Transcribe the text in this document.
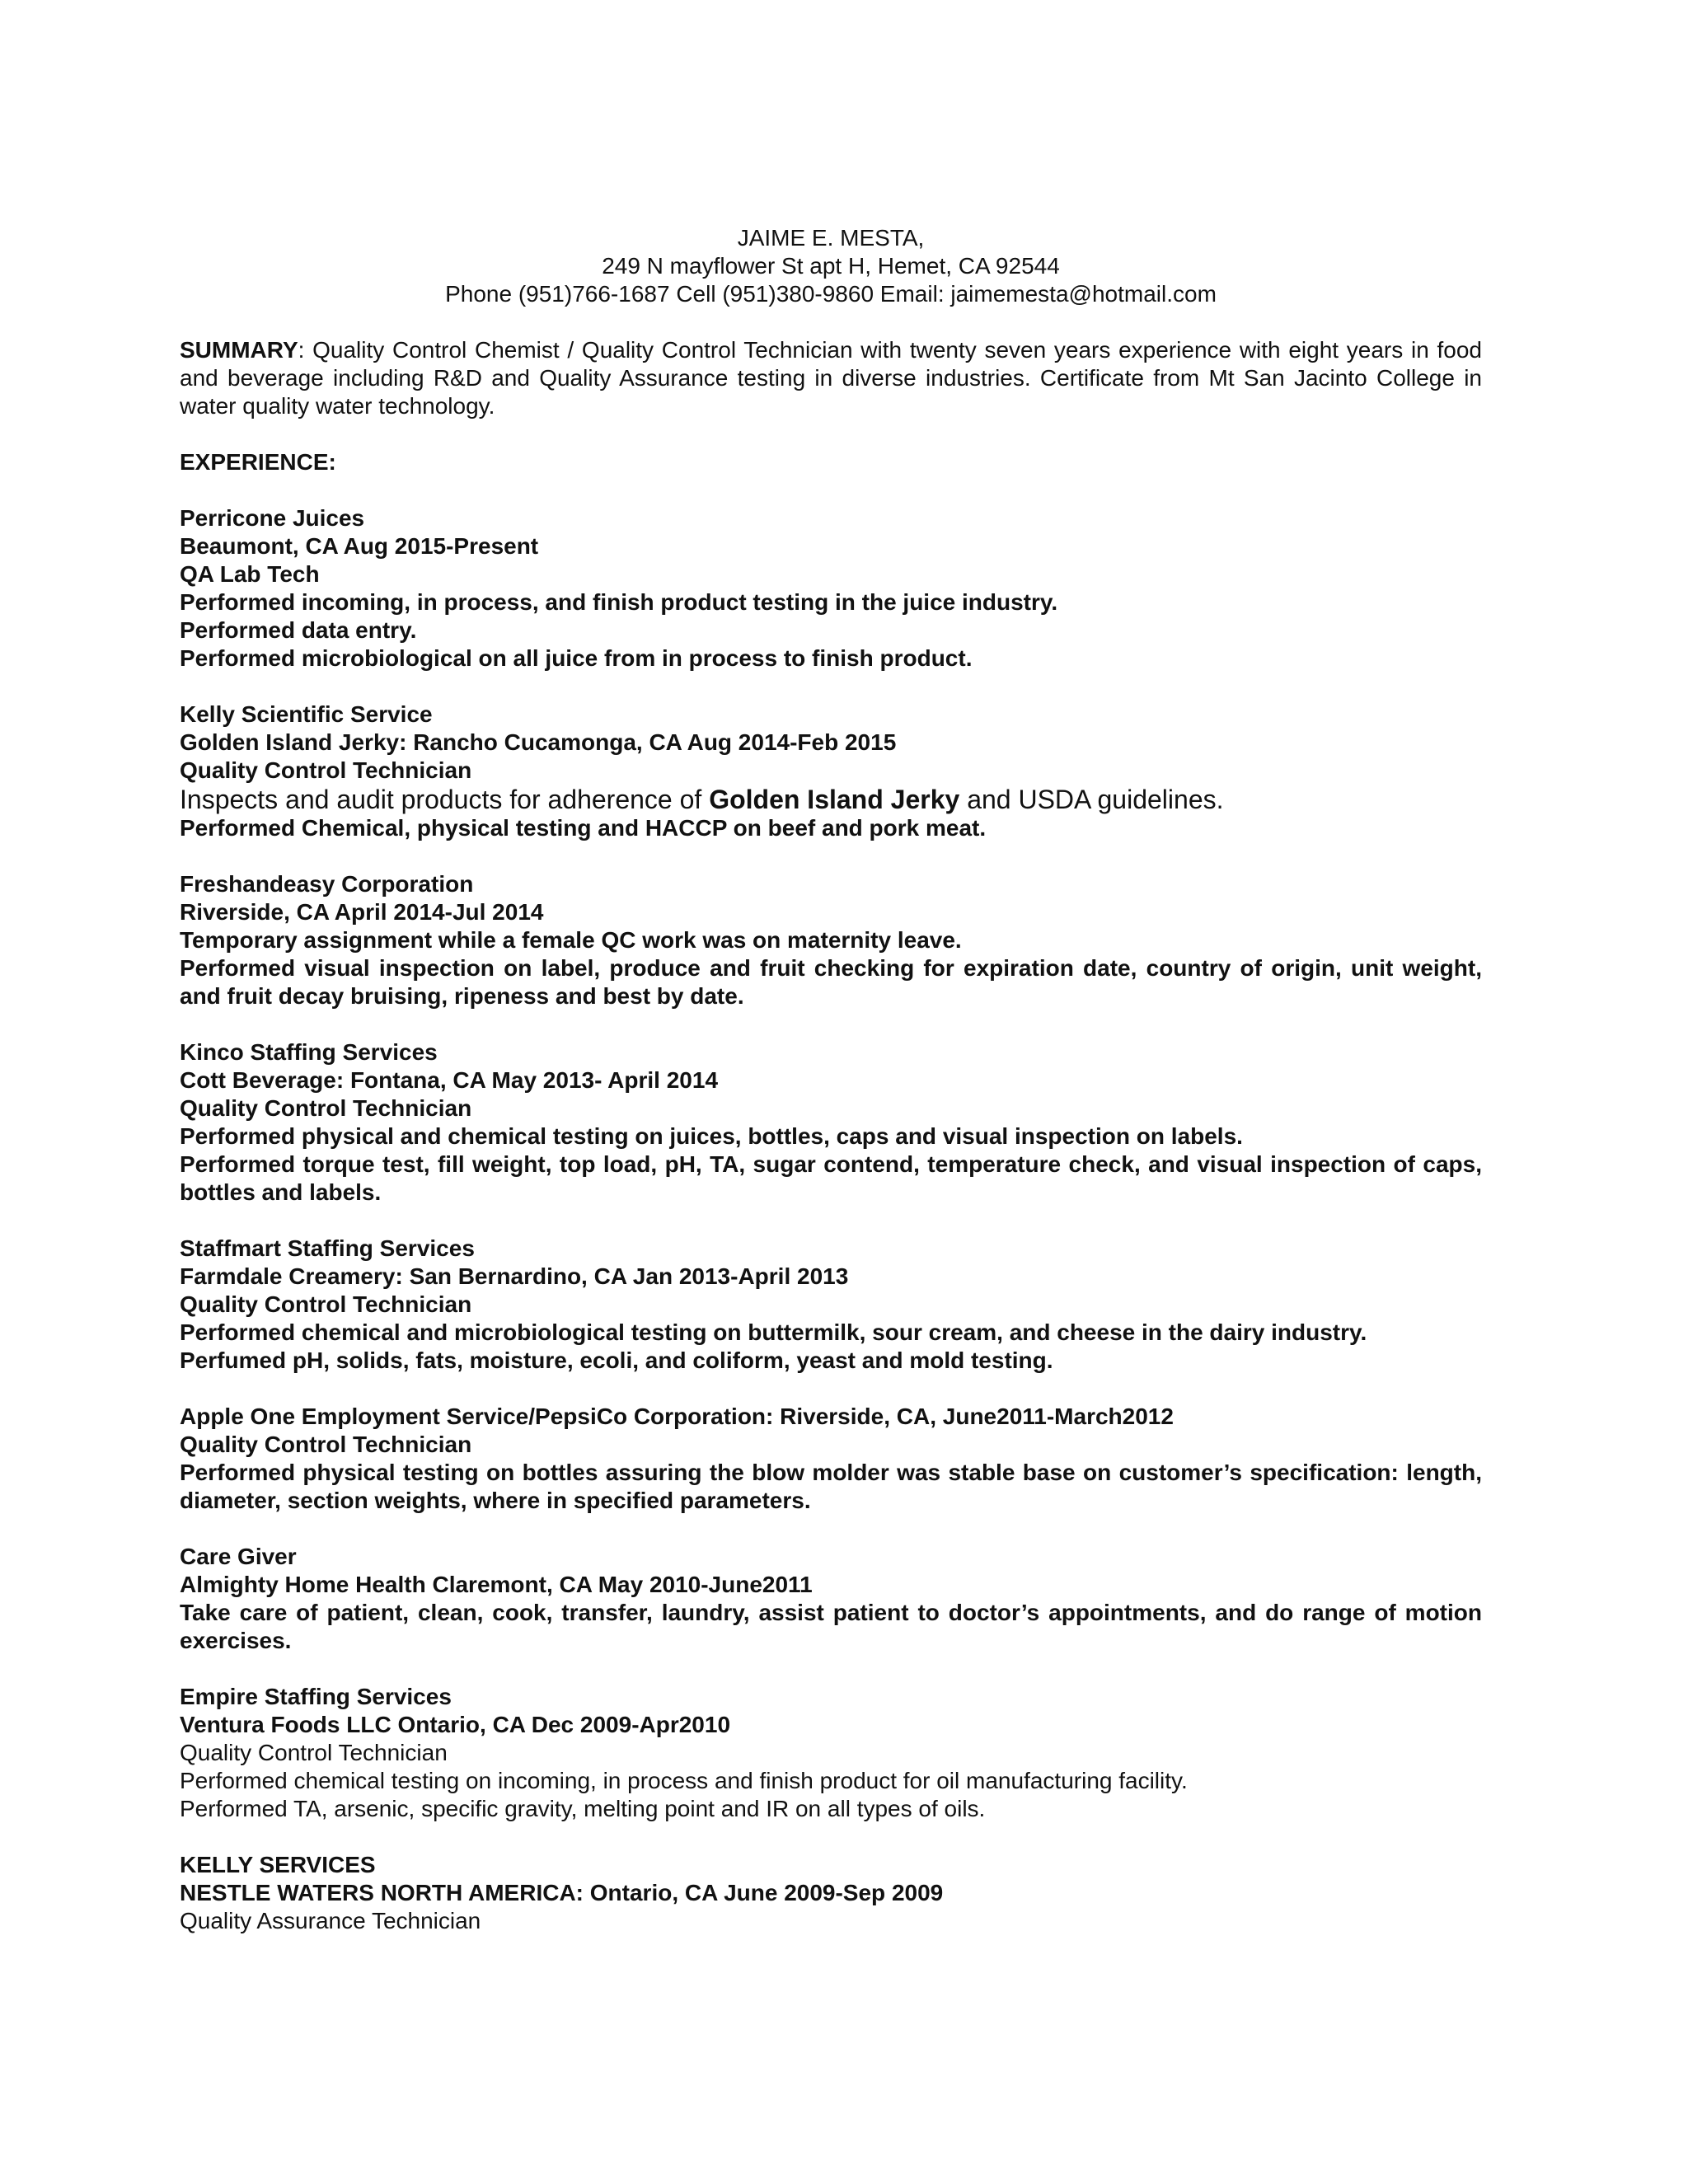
JAIME E. MESTA,
249 N mayflower St apt H, Hemet, CA 92544
Phone (951)766-1687 Cell (951)380-9860 Email: jaimemesta@hotmail.com
SUMMARY: Quality Control Chemist / Quality Control Technician with twenty seven years experience with eight years in food and beverage including R&D and Quality Assurance testing in diverse industries. Certificate from Mt San Jacinto College in water quality water technology.
EXPERIENCE:
Perricone Juices
Beaumont, CA Aug 2015-Present
QA Lab Tech
Performed incoming, in process, and finish product testing in the juice industry.
Performed data entry.
Performed microbiological on all juice from in process to finish product.
Kelly Scientific Service
Golden Island Jerky: Rancho Cucamonga, CA Aug 2014-Feb 2015
Quality Control Technician
Inspects and audit products for adherence of Golden Island Jerky and USDA guidelines.
Performed Chemical, physical testing and HACCP on beef and pork meat.
Freshandeasy Corporation
Riverside, CA April 2014-Jul 2014
Temporary assignment while a female QC work was on maternity leave.
Performed visual inspection on label, produce and fruit checking for expiration date, country of origin, unit weight, and fruit decay bruising, ripeness and best by date.
Kinco Staffing Services
Cott Beverage: Fontana, CA May 2013- April 2014
Quality Control Technician
Performed physical and chemical testing on juices, bottles, caps and visual inspection on labels.
Performed torque test, fill weight, top load, pH, TA, sugar contend, temperature check, and visual inspection of caps, bottles and labels.
Staffmart Staffing Services
Farmdale Creamery: San Bernardino, CA Jan 2013-April 2013
Quality Control Technician
Performed chemical and microbiological testing on buttermilk, sour cream, and cheese in the dairy industry.
Perfumed pH, solids, fats, moisture, ecoli, and coliform, yeast and mold testing.
Apple One Employment Service/PepsiCo Corporation: Riverside, CA, June2011-March2012
Quality Control Technician
Performed physical testing on bottles assuring the blow molder was stable base on customer’s specification: length, diameter, section weights, where in specified parameters.
Care Giver
Almighty Home Health Claremont, CA May 2010-June2011
Take care of patient, clean, cook, transfer, laundry, assist patient to doctor’s appointments, and do range of motion exercises.
Empire Staffing Services
Ventura Foods LLC Ontario, CA Dec 2009-Apr2010
Quality Control Technician
Performed chemical testing on incoming, in process and finish product for oil manufacturing facility.
Performed TA, arsenic, specific gravity, melting point and IR on all types of oils.
KELLY SERVICES
NESTLE WATERS NORTH AMERICA: Ontario, CA June 2009-Sep 2009
Quality Assurance Technician
